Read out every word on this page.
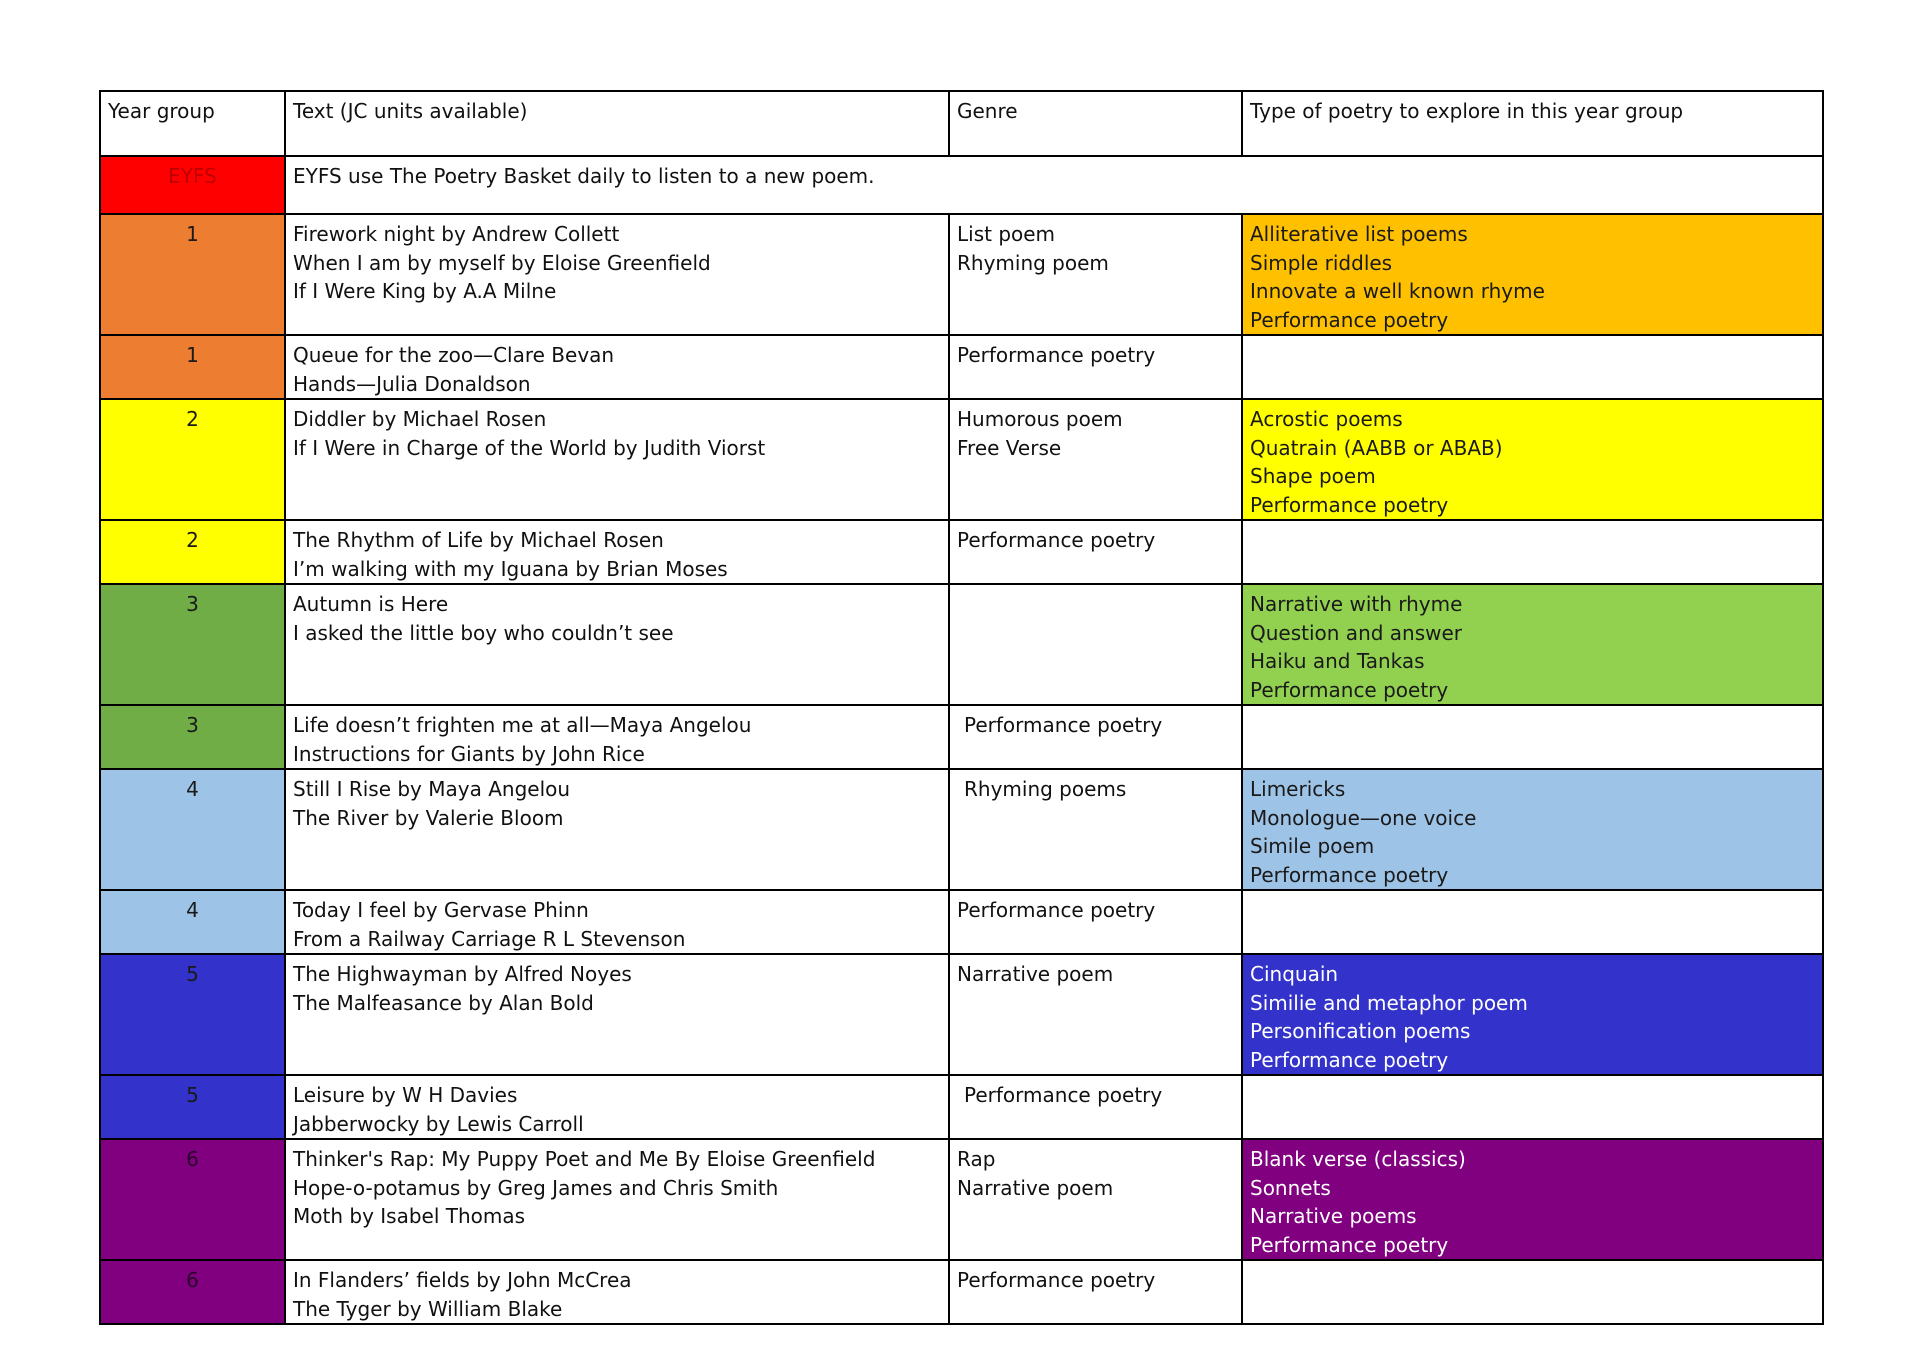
Year group	Text (JC units available)	Genre	Type of poetry to explore in this year group
EYFS	EYFS use The Poetry Basket daily to listen to a new poem.		
1	Firework night by Andrew Collett
When I am by myself by Eloise Greenfield
If I Were King by A.A Milne	List poem
Rhyming poem	Alliterative list poems
Simple riddles
Innovate a well known rhyme
Performance poetry

1	Queue for the zoo—Clare Bevan
Hands—Julia Donaldson	Performance poetry	

2	Diddler by Michael Rosen
If I Were in Charge of the World by Judith Viorst	Humorous poem
Free Verse	Acrostic poems
Quatrain (AABB or ABAB)
Shape poem
Performance poetry

2	The Rhythm of Life by Michael Rosen
I’m walking with my Iguana by Brian Moses	Performance poetry	

3	Autumn is Here
I asked the little boy who couldn’t see		Narrative with rhyme
Question and answer
Haiku and Tankas
Performance poetry

3	Life doesn’t frighten me at all—Maya Angelou
Instructions for Giants by John Rice	Performance poetry	

4	Still I Rise by Maya Angelou
The River by Valerie Bloom	Rhyming poems	Limericks
Monologue—one voice
Simile poem
Performance poetry

4	Today I feel by Gervase Phinn
From a Railway Carriage R L Stevenson	Performance poetry	

5	The Highwayman by Alfred Noyes
The Malfeasance by Alan Bold	Narrative poem	Cinquain
Similie and metaphor poem
Personification poems
Performance poetry

5	Leisure by W H Davies
Jabberwocky by Lewis Carroll	Performance poetry	

6	Thinker's Rap: My Puppy Poet and Me By Eloise Greenfield
Hope-o-potamus by Greg James and Chris Smith
Moth by Isabel Thomas	Rap
Narrative poem	Blank verse (classics)
Sonnets
Narrative poems
Performance poetry

6	In Flanders’ fields by John McCrea
The Tyger by William Blake	Performance poetry	
